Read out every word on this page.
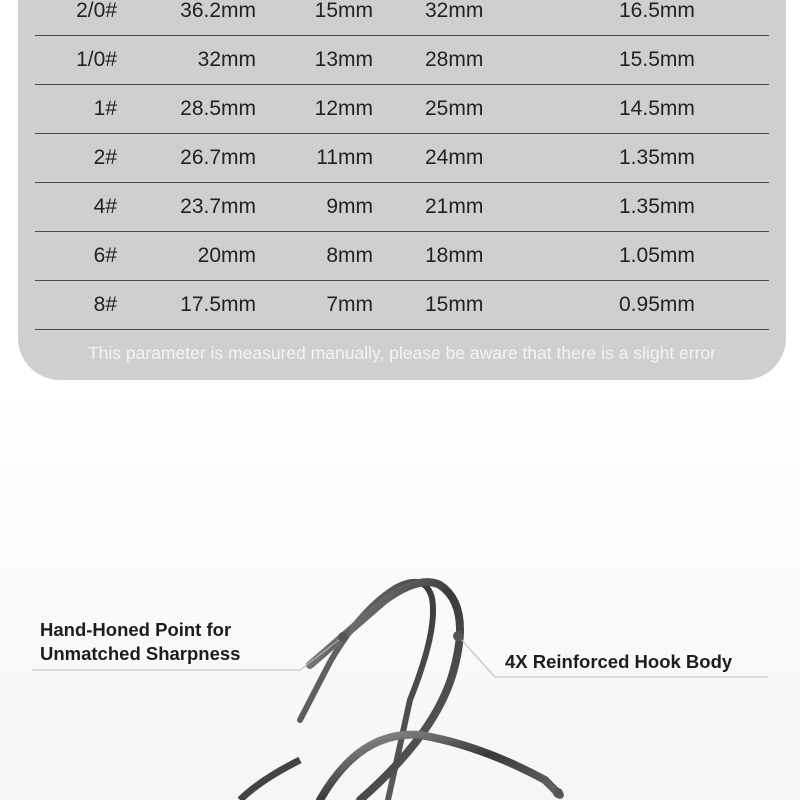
2/0#	36.2mm	15mm 32mm	16.5mm
1/0#	32mm	13mm 28mm	15.5mm
1#	28.5mm	12mm 25mm	14.5mm
2#	26.7mm	11mm 24mm	1.35mm
4#	23.7mm	9mm 21mm	1.35mm
6#	20mm	8mm 18mm	1.05mm
8#	17.5mm	7mm 15mm	0.95mm
This parameter is measured manually, please be aware that there is a slight error
Hand-Honed Point for
Unmatched Sharpness	4X Reinforced Hook Body
